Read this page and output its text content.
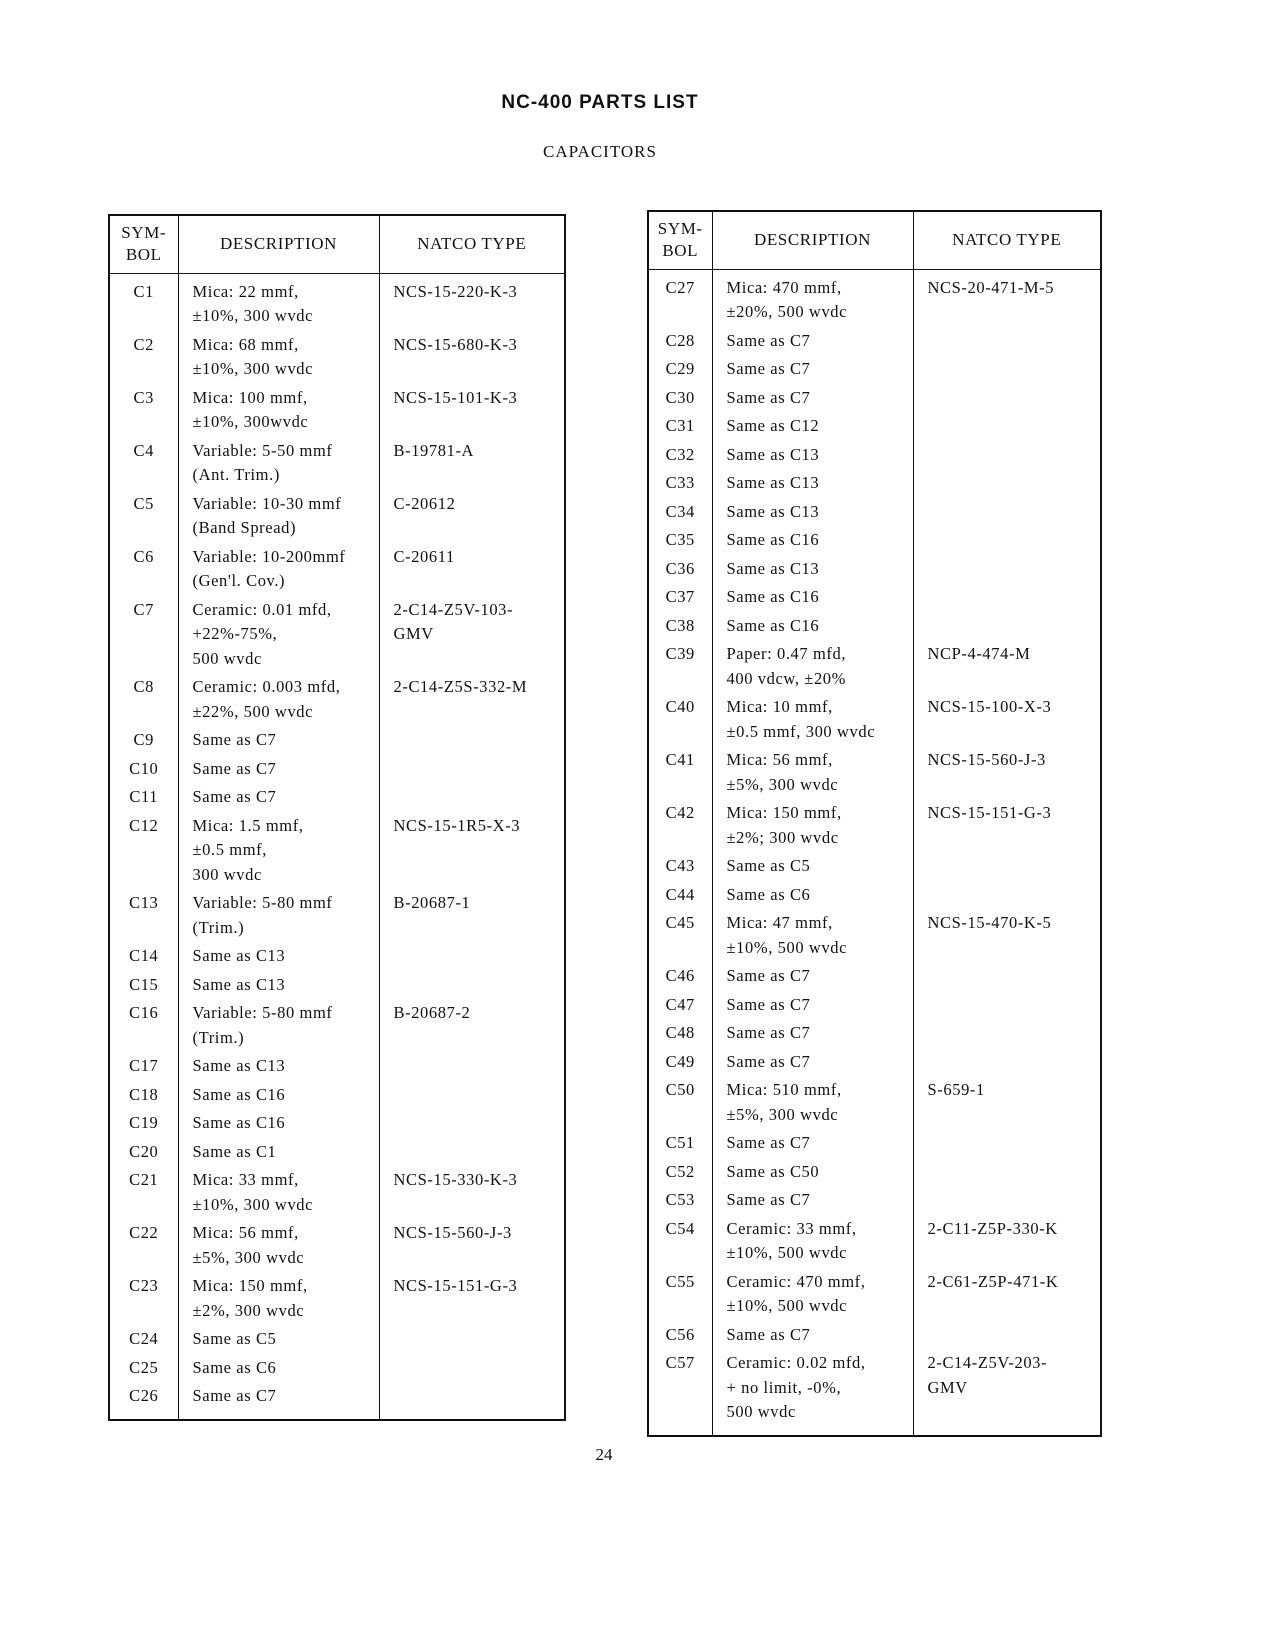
NC-400 PARTS LIST
CAPACITORS
SYM-
BOL	DESCRIPTION	NATCO TYPE
C1	Mica: 22 mmf,
±10%, 300 wvdc	NCS-15-220-K-3
C2	Mica: 68 mmf,
±10%, 300 wvdc	NCS-15-680-K-3
C3	Mica: 100 mmf,
±10%, 300wvdc	NCS-15-101-K-3
C4	Variable: 5-50 mmf
(Ant. Trim.)	B-19781-A
C5	Variable: 10-30 mmf
(Band Spread)	C-20612
C6	Variable: 10-200mmf
(Gen'l. Cov.)	C-20611
C7	Ceramic: 0.01 mfd,
+22%-75%,
500 wvdc	2-C14-Z5V-103-
GMV
C8	Ceramic: 0.003 mfd,
±22%, 500 wvdc	2-C14-Z5S-332-M
C9	Same as C7	
C10	Same as C7	
C11	Same as C7	
C12	Mica: 1.5 mmf,
±0.5 mmf,
300 wvdc	NCS-15-1R5-X-3
C13	Variable: 5-80 mmf
(Trim.)	B-20687-1
C14	Same as C13	
C15	Same as C13	
C16	Variable: 5-80 mmf
(Trim.)	B-20687-2
C17	Same as C13	
C18	Same as C16	
C19	Same as C16	
C20	Same as C1	
C21	Mica: 33 mmf,
±10%, 300 wvdc	NCS-15-330-K-3
C22	Mica: 56 mmf,
±5%, 300 wvdc	NCS-15-560-J-3
C23	Mica: 150 mmf,
±2%, 300 wvdc	NCS-15-151-G-3
C24	Same as C5	
C25	Same as C6	
C26	Same as C7	
SYM-
BOL	DESCRIPTION	NATCO TYPE
C27	Mica: 470 mmf,
±20%, 500 wvdc	NCS-20-471-M-5
C28	Same as C7	
C29	Same as C7	
C30	Same as C7	
C31	Same as C12	
C32	Same as C13	
C33	Same as C13	
C34	Same as C13	
C35	Same as C16	
C36	Same as C13	
C37	Same as C16	
C38	Same as C16	
C39	Paper: 0.47 mfd,
400 vdcw, ±20%	NCP-4-474-M
C40	Mica: 10 mmf,
±0.5 mmf, 300 wvdc	NCS-15-100-X-3
C41	Mica: 56 mmf,
±5%, 300 wvdc	NCS-15-560-J-3
C42	Mica: 150 mmf,
±2%; 300 wvdc	NCS-15-151-G-3
C43	Same as C5	
C44	Same as C6	
C45	Mica: 47 mmf,
±10%, 500 wvdc	NCS-15-470-K-5
C46	Same as C7	
C47	Same as C7	
C48	Same as C7	
C49	Same as C7	
C50	Mica: 510 mmf,
±5%, 300 wvdc	S-659-1
C51	Same as C7	
C52	Same as C50	
C53	Same as C7	
C54	Ceramic: 33 mmf,
±10%, 500 wvdc	2-C11-Z5P-330-K
C55	Ceramic: 470 mmf,
±10%, 500 wvdc	2-C61-Z5P-471-K
C56	Same as C7	
C57	Ceramic: 0.02 mfd,
+ no limit, -0%,
500 wvdc	2-C14-Z5V-203-
GMV
24
